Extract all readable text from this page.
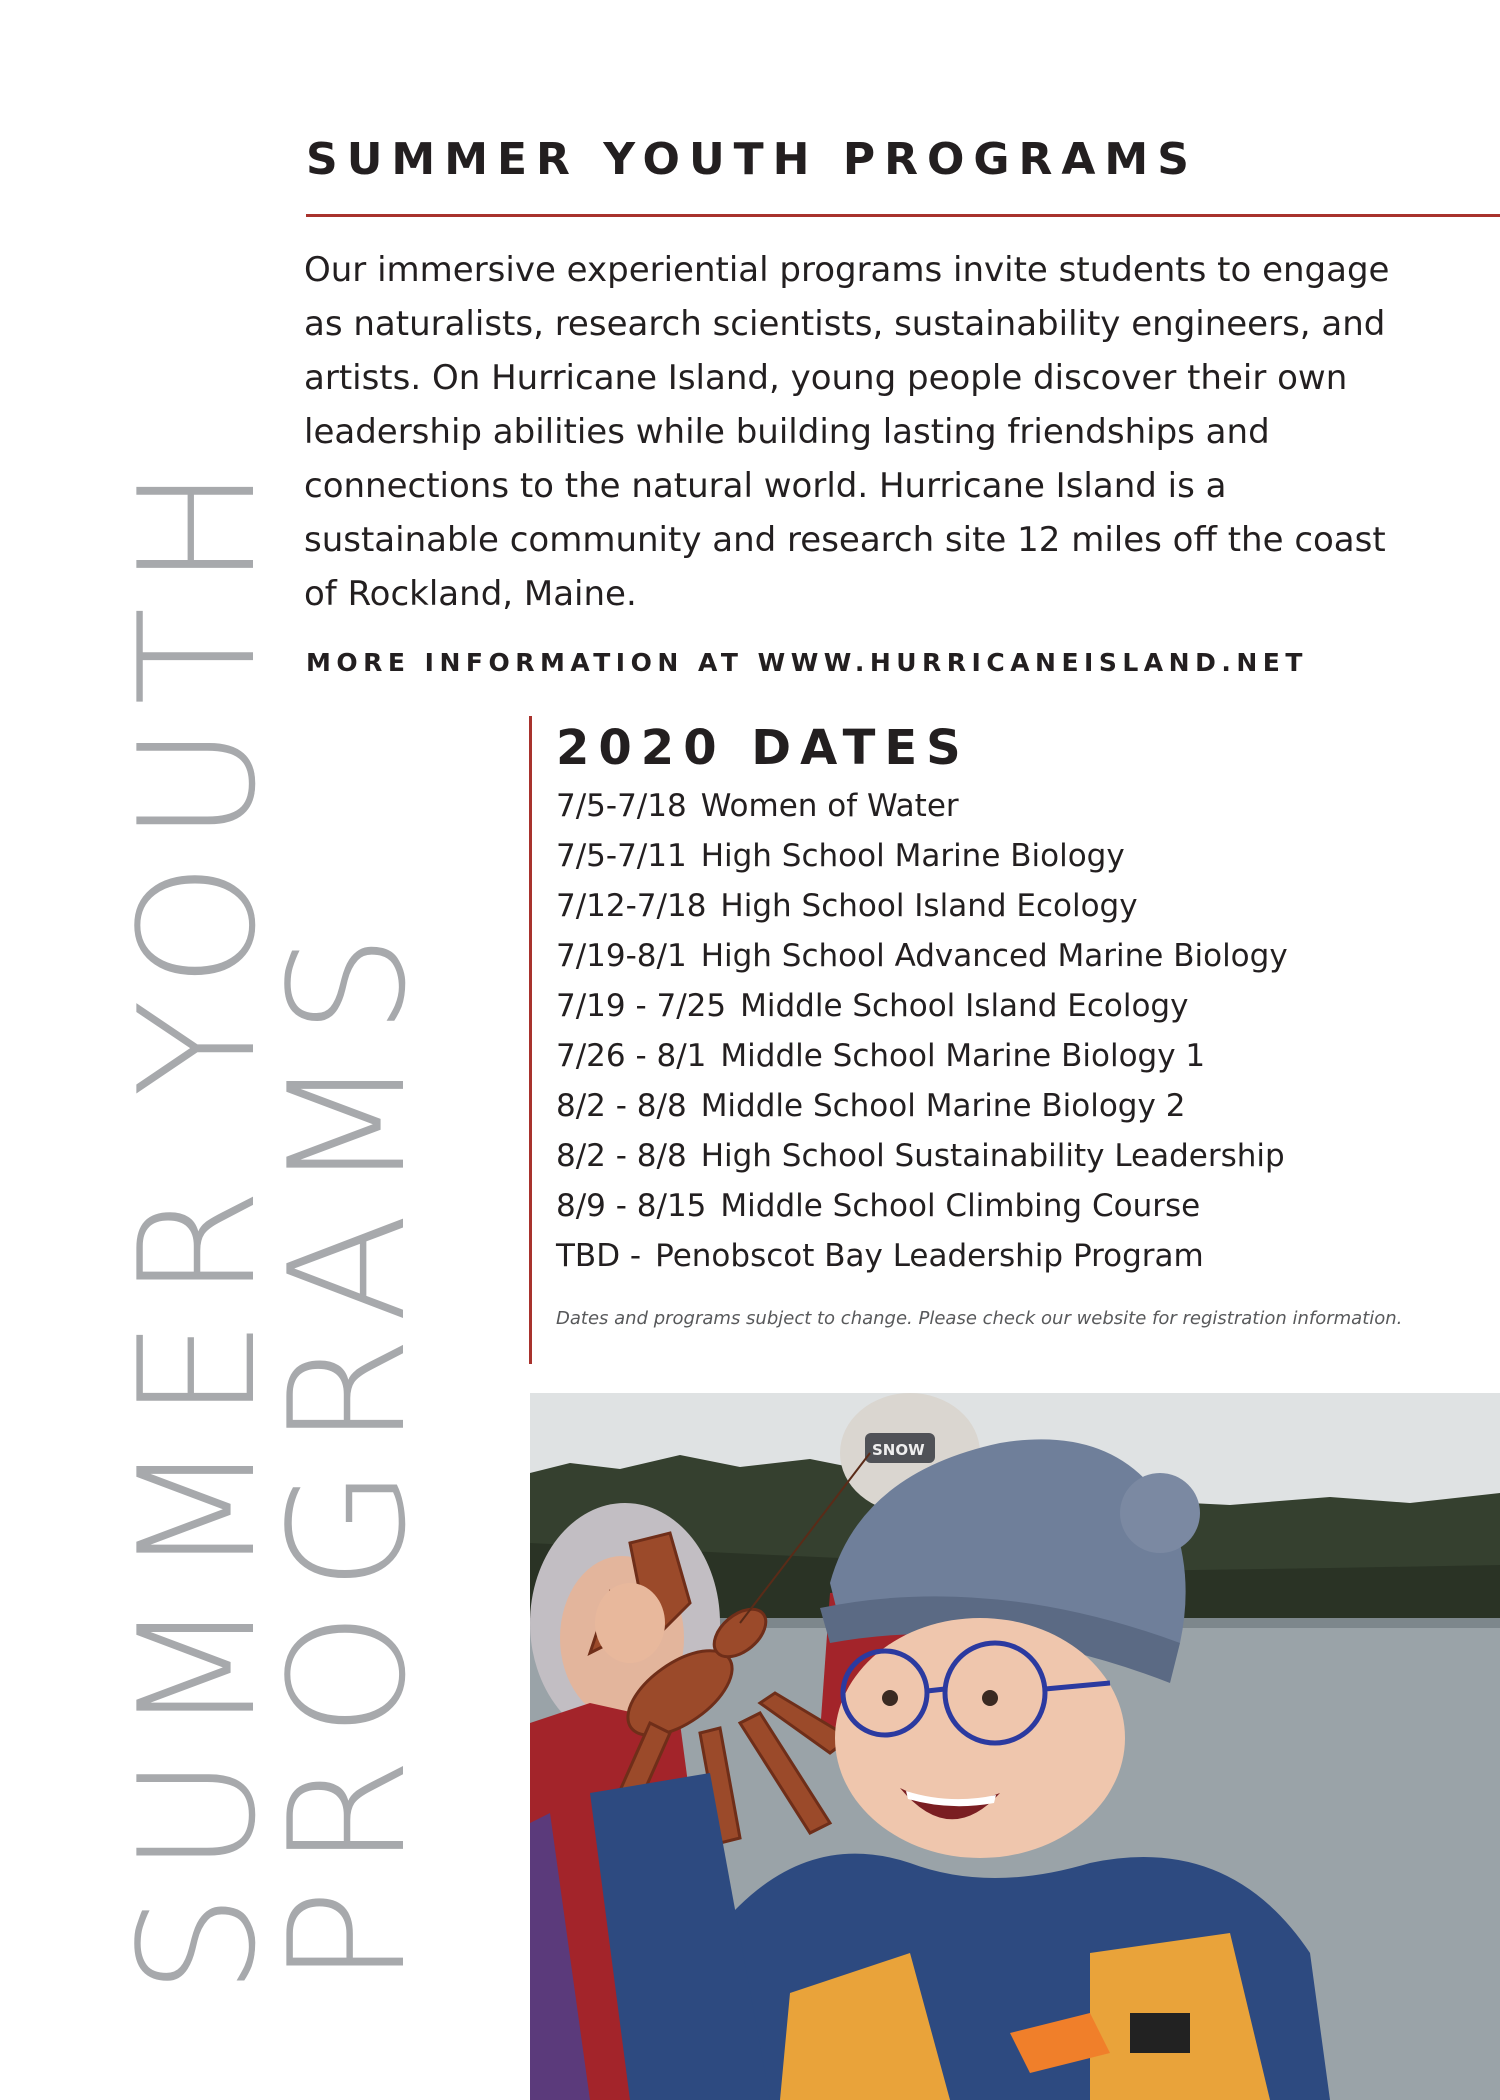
SUMMER YOUTH
PROGRAMS
SUMMER YOUTH PROGRAMS

Our immersive experiential programs invite students to engage as naturalists, research scientists, sustainability engineers, and artists. On Hurricane Island, young people discover their own leadership abilities while building lasting friendships and connections to the natural world. Hurricane Island is a sustainable community and research site 12 miles off the coast of Rockland, Maine.

MORE INFORMATION AT WWW.HURRICANEISLAND.NET

2020 DATES
7/5-7/18 Women of Water
7/5-7/11 High School Marine Biology
7/12-7/18 High School Island Ecology
7/19-8/1 High School Advanced Marine Biology
7/19 - 7/25 Middle School Island Ecology
7/26 - 8/1 Middle School Marine Biology 1
8/2 - 8/8 Middle School Marine Biology 2
8/2 - 8/8 High School Sustainability Leadership
8/9 - 8/15 Middle School Climbing Course
TBD - Penobscot Bay Leadership Program

Dates and programs subject to change. Please check our website for registration information.

SNOW
